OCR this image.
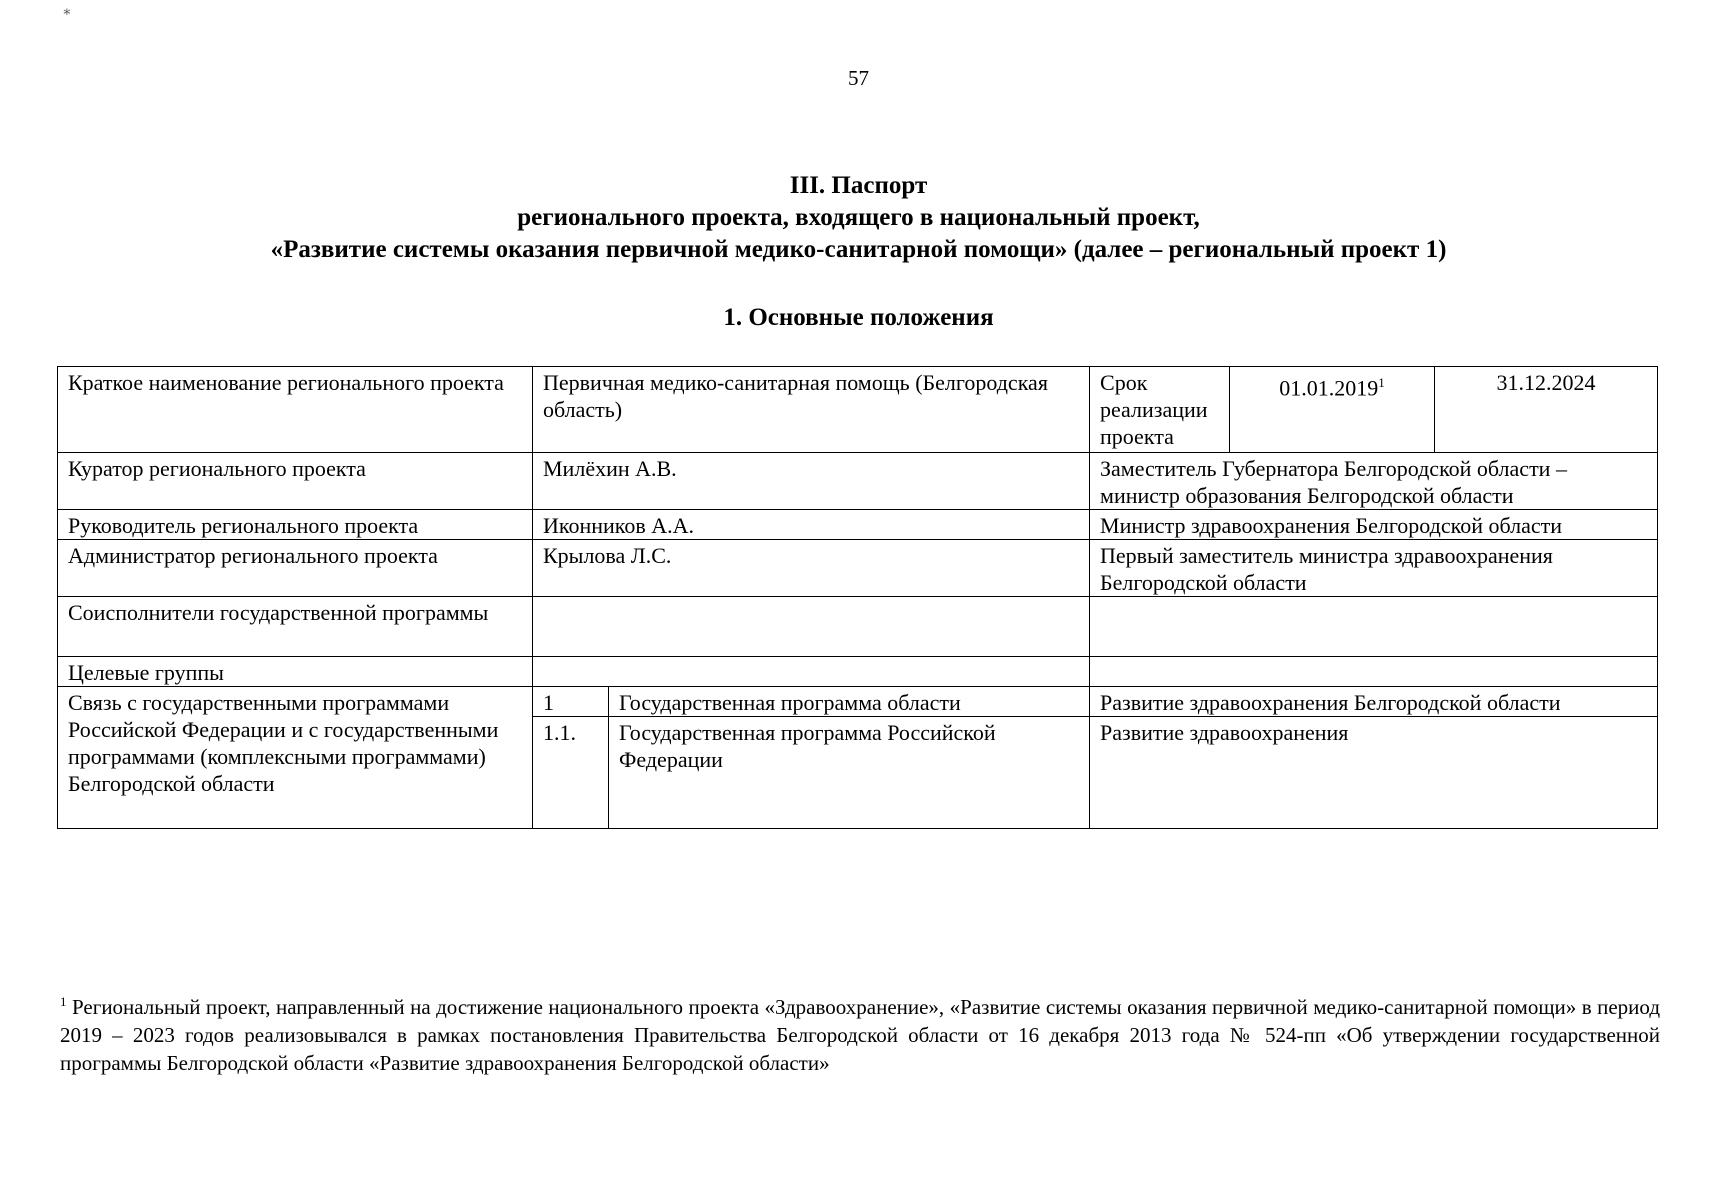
∗
57
III. Паспорт
регионального проекта, входящего в национальный проект,
«Развитие системы оказания первичной медико-санитарной помощи» (далее – региональный проект 1)
1. Основные положения
Краткое наименование регионального проекта	Первичная медико-санитарная помощь (Белгородская область)		Срок реализации проекта	01.01.2019$^1$	31.12.2024
Куратор регионального проекта	Милёхин А.В.		Заместитель Губернатора Белгородской области – министр образования Белгородской области		
Руководитель регионального проекта	Иконников А.А.		Министр здравоохранения Белгородской области		
Администратор регионального проекта	Крылова Л.С.		Первый заместитель министра здравоохранения Белгородской области		
Соисполнители государственной программы					
Целевые группы					
Связь с государственными программами Российской Федерации и с государственными программами (комплексными программами) Белгородской области	1	Государственная программа области	Развитие здравоохранения Белгородской области		
	1.1.	Государственная программа Российской Федерации	Развитие здравоохранения		
$^1$ Региональный проект, направленный на достижение национального проекта «Здравоохранение», «Развитие системы оказания первичной медико-санитарной помощи» в период 2019 – 2023 годов реализовывался в рамках постановления Правительства Белгородской области от 16 декабря 2013 года № 524-пп «Об утверждении государственной программы Белгородской области «Развитие здравоохранения Белгородской области»
